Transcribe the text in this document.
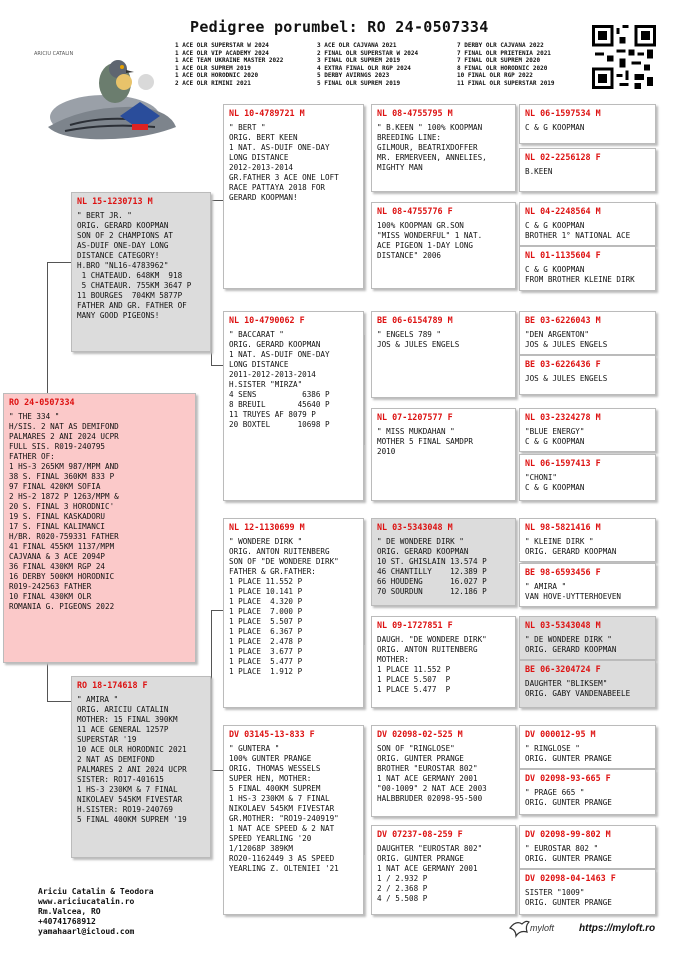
Pedigree porumbel: RO 24-0507334
ARICIU CATALIN
1 ACE OLR SUPERSTAR W 2024
1 ACE OLR VIP ACADEMY 2024
1 ACE TEAM UKRAINE MASTER 2022
1 ACE OLR SUPREM 2019
1 ACE OLR HORODNIC 2020
2 ACE OLR RIMINI 2021
3 ACE OLR CAJVANA 2021
2 FINAL OLR SUPERSTAR W 2024
3 FINAL OLR SUPREM 2019
4 EXTRA FINAL OLR RGP 2024
5 DERBY AVIRNGS 2023
5 FINAL OLR SUPREM 2019
7 DERBY OLR CAJVANA 2022
7 FINAL OLR PRIETENIA 2021
7 FINAL OLR SUPREM 2020
8 FINAL OLR HORODNIC 2020
10 FINAL OLR RGP 2022
11 FINAL OLR SUPERSTAR 2019
RO 24-0507334
" THE 334 "
H/SIS. 2 NAT AS DEMIFOND
PALMARES 2 ANI 2024 UCPR
FULL SIS. R019-240795
FATHER OF:
1 HS-3 265KM 987/MPM AND
38 S. FINAL 360KM 833 P
97 FINAL 420KM SOFIA
2 HS-2 1872 P 1263/MPM &
20 S. FINAL 3 HORODNIC'
19 S. FINAL KASKADORU
17 S. FINAL KALIMANCI
H/BR. R020-759331 FATHER
41 FINAL 455KM 1137/MPM
CAJVANA & 3 ACE 2094P
36 FINAL 430KM RGP 24
16 DERBY 500KM HORODNIC
R019-242563 FATHER
10 FINAL 430KM OLR
ROMANIA G. PIGEONS 2022
NL 15-1230713 M
" BERT JR. "
ORIG. GERARD KOOPMAN
SON OF 2 CHAMPIONS AT
AS-DUIF ONE-DAY LONG
DISTANCE CATEGORY!
H.BRO "NL16-4783962"
1 CHATEAUD. 648KM  918
5 CHATEAUR. 755KM 3647 P
11 BOURGES  704KM 5877P
FATHER AND GR. FATHER OF
MANY GOOD PIGEONS!
RO 18-174618 F
" AMIRA "
ORIG. ARICIU CATALIN
MOTHER: 15 FINAL 390KM
11 ACE GENERAL 1257P
SUPERSTAR '19
10 ACE OLR HORODNIC 2021
2 NAT AS DEMIFOND
PALMARES 2 ANI 2024 UCPR
SISTER: RO17-401615
1 HS-3 230KM & 7 FINAL
NIKOLAEV 545KM FIVESTAR
H.SISTER: RO19-240769
5 FINAL 400KM SUPREM '19
NL 10-4789721 M
" BERT "
ORIG. BERT KEEN
1 NAT. AS-DUIF ONE-DAY
LONG DISTANCE
2012-2013-2014
GR.FATHER 3 ACE ONE LOFT
RACE PATTAYA 2018 FOR
GERARD KOOPMAN!
NL 10-4790062 F
" BACCARAT "
ORIG. GERARD KOOPMAN
1 NAT. AS-DUIF ONE-DAY
LONG DISTANCE
2011-2012-2013-2014
H.SISTER "MIRZA"
4 SENS          6386 P
8 BREUIL       45640 P
11 TRUYES AF 8079 P
20 BOXTEL      10698 P
NL 12-1130699 M
" WONDERE DIRK "
ORIG. ANTON RUITENBERG
SON OF "DE WONDERE DIRK"
FATHER & GR.FATHER:
1 PLACE 11.552 P
1 PLACE 10.141 P
1 PLACE  4.320 P
1 PLACE  7.000 P
1 PLACE  5.507 P
1 PLACE  6.367 P
1 PLACE  2.478 P
1 PLACE  3.677 P
1 PLACE  5.477 P
1 PLACE  1.912 P
DV 03145-13-833 F
" GUNTERA "
100% GUNTER PRANGE
ORIG. THOMAS WESSELS
SUPER HEN, MOTHER:
5 FINAL 400KM SUPREM
1 HS-3 230KM & 7 FINAL
NIKOLAEV 545KM FIVESTAR
GR.MOTHER: "RO19-240919"
1 NAT ACE SPEED & 2 NAT
SPEED YEARLING '20
1/12068P 389KM
RO20-1162449 3 AS SPEED
YEARLING Z. OLTENIEI '21
NL 08-4755795 M
" B.KEEN " 100% KOOPMAN
BREEDING LINE:
GILMOUR, BEATRIXDOFFER
MR. ERMERVEEN, ANNELIES,
MIGHTY MAN
NL 08-4755776 F
100% KOOPMAN GR.SON
"MISS WONDERFUL" 1 NAT.
ACE PIGEON 1-DAY LONG
DISTANCE" 2006
BE 06-6154789 M
" ENGELS 789 "
JOS & JULES ENGELS
NL 07-1207577 F
" MISS MUKDAHAN "
MOTHER 5 FINAL SAMDPR
2010
NL 03-5343048 M
" DE WONDERE DIRK "
ORIG. GERARD KOOPMAN
10 ST. GHISLAIN 13.574 P
46 CHANTILLY    12.389 P
66 HOUDENG      16.027 P
70 SOURDUN      12.186 P
NL 09-1727851 F
DAUGH. "DE WONDERE DIRK"
ORIG. ANTON RUITENBERG
MOTHER:
1 PLACE 11.552 P
1 PLACE 5.507  P
1 PLACE 5.477  P
DV 02098-02-525 M
SON OF "RINGLOSE"
ORIG. GUNTER PRANGE
BROTHER "EUROSTAR 802"
1 NAT ACE GERMANY 2001
"00-1009" 2 NAT ACE 2003
HALBBRUDER 02098-95-500
DV 07237-08-259 F
DAUGHTER "EUROSTAR 802"
ORIG. GUNTER PRANGE
1 NAT ACE GERMANY 2001
1 / 2.932 P
2 / 2.368 P
4 / 5.508 P
NL 06-1597534 M
C & G KOOPMAN
NL 02-2256128 F
B.KEEN
NL 04-2248564 M
C & G KOOPMAN
BROTHER 1° NATIONAL ACE
NL 01-1135604 F
C & G KOOPMAN
FROM BROTHER KLEINE DIRK
BE 03-6226043 M
"DEN ARGENTON"
JOS & JULES ENGELS
BE 03-6226436 F
JOS & JULES ENGELS
NL 03-2324278 M
"BLUE ENERGY"
C & G KOOPMAN
NL 06-1597413 F
"CHONI"
C & G KOOPMAN
NL 98-5821416 M
" KLEINE DIRK "
ORIG. GERARD KOOPMAN
BE 98-6593456 F
" AMIRA "
VAN HOVE-UYTTERHOEVEN
NL 03-5343048 M
" DE WONDERE DIRK "
ORIG. GERARD KOOPMAN
BE 06-3204724 F
DAUGHTER "BLIKSEM"
ORIG. GABY VANDENABEELE
DV 000012-95 M
" RINGLOSE "
ORIG. GUNTER PRANGE
DV 02098-93-665 F
" PRAGE 665 "
ORIG. GUNTER PRANGE
DV 02098-99-802 M
" EUROSTAR 802 "
ORIG. GUNTER PRANGE
DV 02098-04-1463 F
SISTER "1009"
ORIG. GUNTER PRANGE
Ariciu Catalin & Teodora
www.ariciucatalin.ro
Rm.Valcea, RO
+40741768912
yamahaarl@icloud.com	myloft https://myloft.ro
